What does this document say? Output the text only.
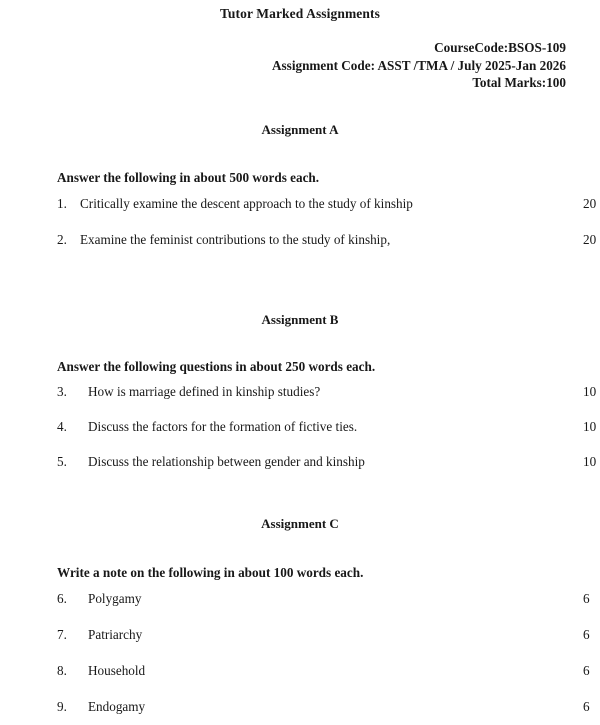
Tutor Marked Assignments
CourseCode:BSOS-109
Assignment Code: ASST /TMA / July 2025-Jan 2026
Total Marks:100
Assignment A

Answer the following in about 500 words each.

1. Critically examine the descent approach to the study of kinship	20
2. Examine the feminist contributions to the study of kinship,	20
Assignment B

Answer the following questions in about 250 words each.

3.	How is marriage defined in kinship studies?	10
4.	Discuss the factors for the formation of fictive ties.	10
5.	Discuss the relationship between gender and kinship	10
Assignment C

Write a note on the following in about 100 words each.

6.	Polygamy	6
7.	Patriarchy	6
8.	Household	6
9.	Endogamy	6
